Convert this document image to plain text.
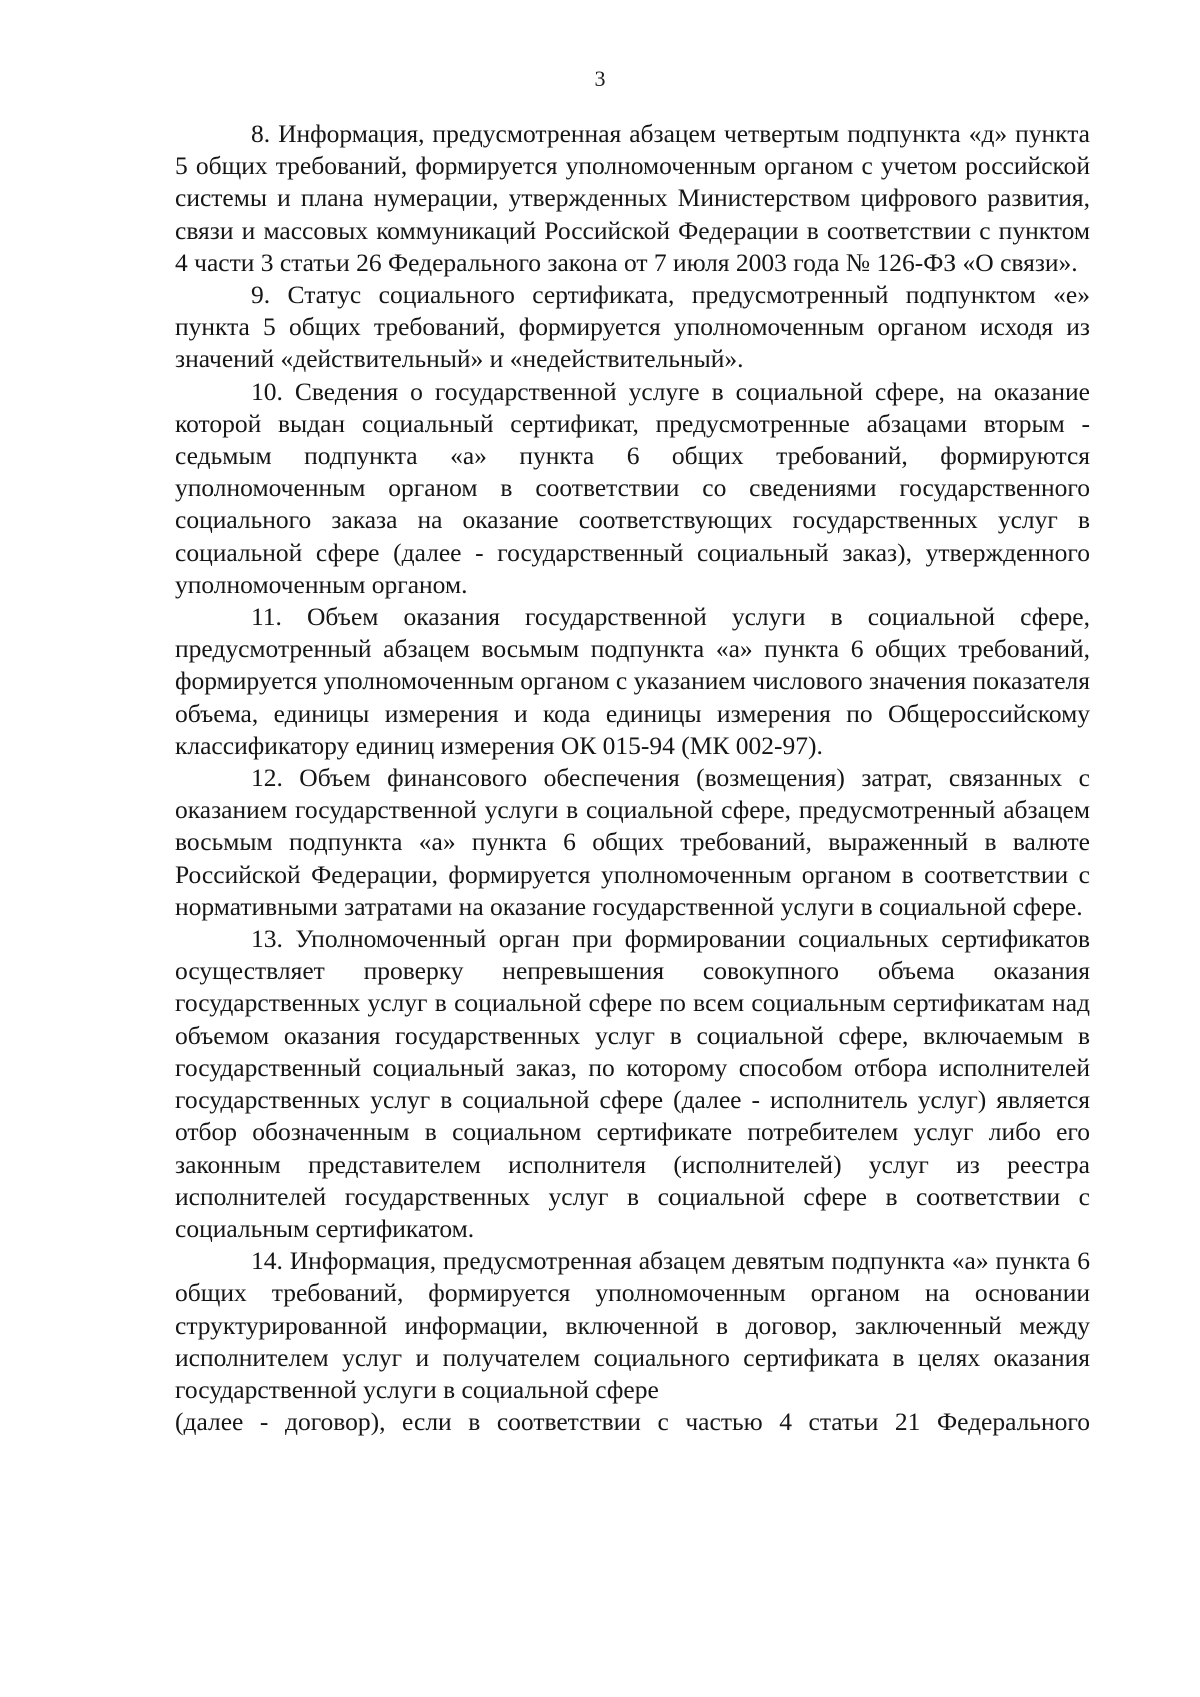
3

8. Информация, предусмотренная абзацем четвертым подпункта «д» пункта 5 общих требований, формируется уполномоченным органом с учетом российской системы и плана нумерации, утвержденных Министерством цифрового развития, связи и массовых коммуникаций Российской Федерации в соответствии с пунктом 4 части 3 статьи 26 Федерального закона от 7 июля 2003 года № 126-ФЗ «О связи».

9. Статус социального сертификата, предусмотренный подпунктом «е» пункта 5 общих требований, формируется уполномоченным органом исходя из значений «действительный» и «недействительный».

10. Сведения о государственной услуге в социальной сфере, на оказание которой выдан социальный сертификат, предусмотренные абзацами вторым - седьмым подпункта «а» пункта 6 общих требований, формируются уполномоченным органом в соответствии со сведениями государственного социального заказа на оказание соответствующих государственных услуг в социальной сфере (далее - государственный социальный заказ), утвержденного уполномоченным органом.

11. Объем оказания государственной услуги в социальной сфере, предусмотренный абзацем восьмым подпункта «а» пункта 6 общих требований, формируется уполномоченным органом с указанием числового значения показателя объема, единицы измерения и кода единицы измерения по Общероссийскому классификатору единиц измерения ОК 015-94 (МК 002-97).

12. Объем финансового обеспечения (возмещения) затрат, связанных с оказанием государственной услуги в социальной сфере, предусмотренный абзацем восьмым подпункта «а» пункта 6 общих требований, выраженный в валюте Российской Федерации, формируется уполномоченным органом в соответствии с нормативными затратами на оказание государственной услуги в социальной сфере.

13. Уполномоченный орган при формировании социальных сертификатов осуществляет проверку непревышения совокупного объема оказания государственных услуг в социальной сфере по всем социальным сертификатам над объемом оказания государственных услуг в социальной сфере, включаемым в государственный социальный заказ, по которому способом отбора исполнителей государственных услуг в социальной сфере (далее - исполнитель услуг) является отбор обозначенным в социальном сертификате потребителем услуг либо его законным представителем исполнителя (исполнителей) услуг из реестра исполнителей государственных услуг в социальной сфере в соответствии с социальным сертификатом.

14. Информация, предусмотренная абзацем девятым подпункта «а» пункта 6 общих требований, формируется уполномоченным органом на основании структурированной информации, включенной в договор, заключенный между исполнителем услуг и получателем социального сертификата в целях оказания государственной услуги в социальной сфере

(далее - договор), если в соответствии с частью 4 статьи 21 Федерального
